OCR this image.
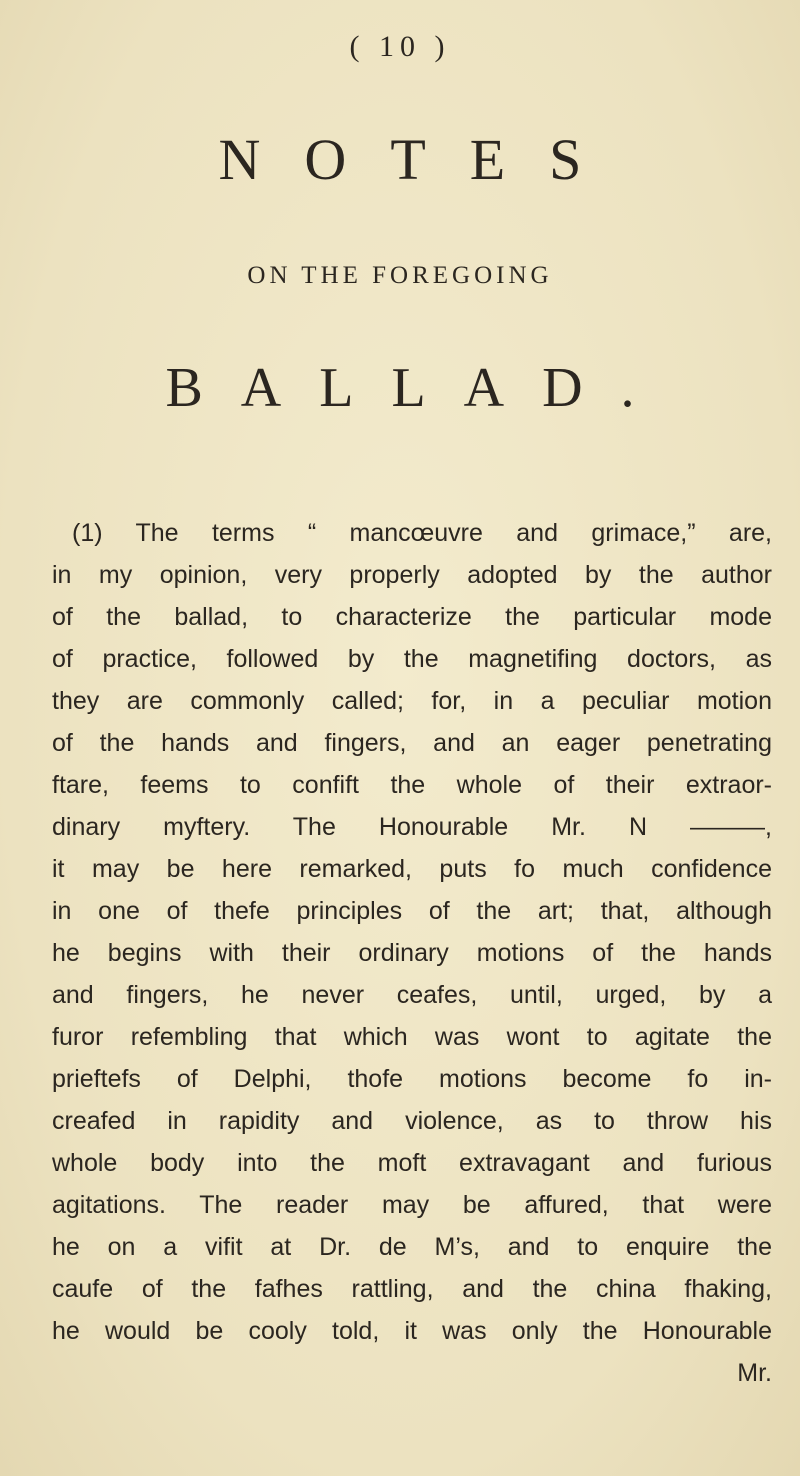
( 10 )
NOTES
ON THE FOREGOING
BALLAD.
(1) The terms “ mancœuvre and grimace,” are,
in my opinion, very properly adopted by the author
of the ballad, to charaсterize the particular mode
of praсtice, followed by the magnetifing doсtors, as
they are commonly called; for, in a peculiar motion
of the hands and fingers, and an eager penetrating
ftare, feems to confift the whole of their extraor-
dinary myftery. The Honourable Mr. N ———,
it may be here remarked, puts fo much confidence
in one of thefe principles of the art; that, although
he begins with their ordinary motions of the hands
and fingers, he never ceafes, until, urged, by a
furor refembling that which was wont to agitate the
prieftefs of Delphi, thofe motions become fo in-
creafed in rapidity and violence, as to throw his
whole body into the moft extravagant and furious
agitations. The reader may be affured, that were
he on a vifit at Dr. de M’s, and to enquire the
caufe of the fafhes rattling, and the china fhaking,
he would be cooly told, it was only the Honourable
Mr.
